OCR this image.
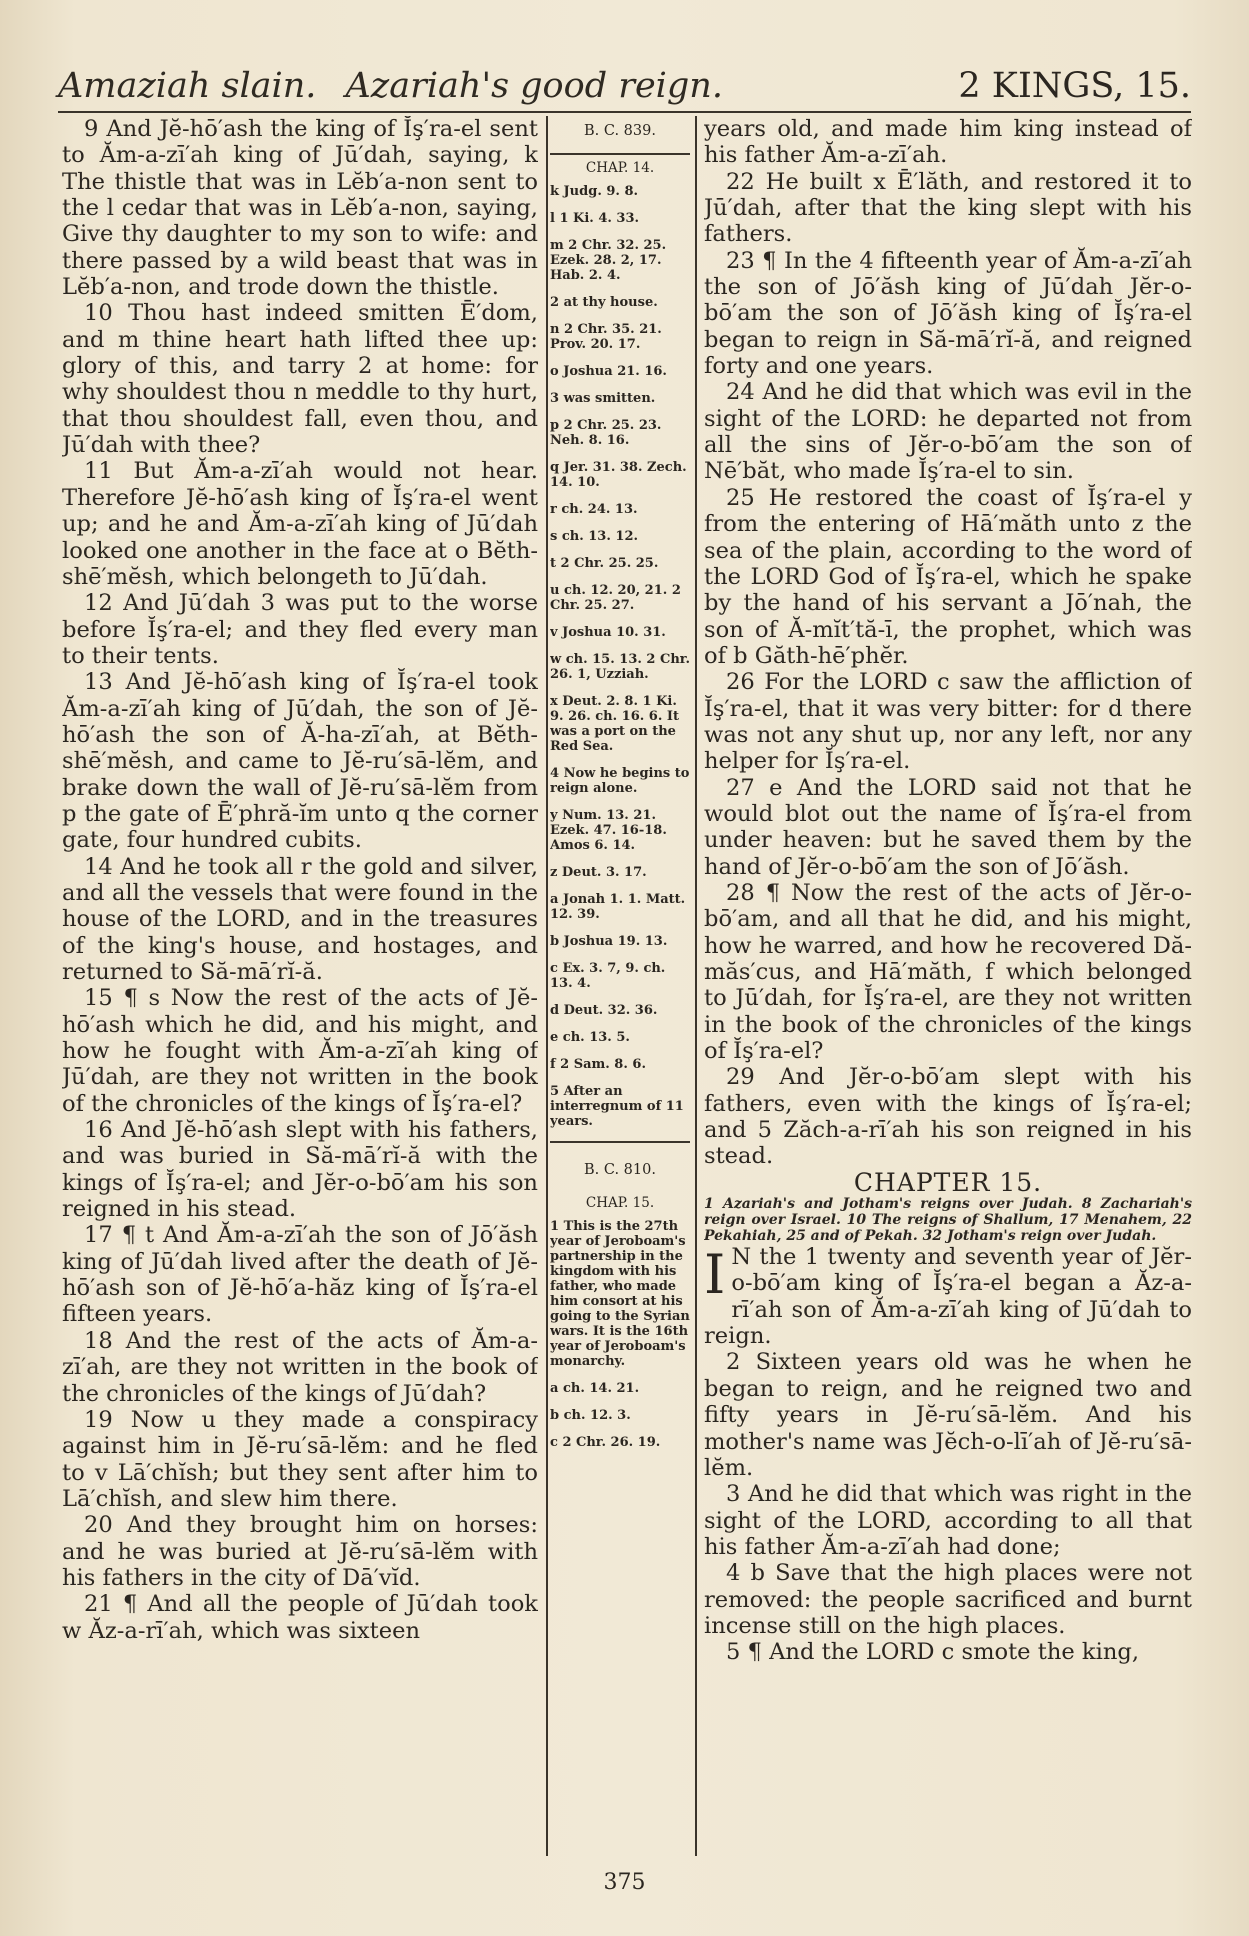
Amaziah slain. Azariah's good reign.	2 KINGS, 15.

9 And Jĕ-hō′ash the king of Ĭş′ra-el sent to Ăm-a-zī′ah king of Jū′dah, saying, k The thistle that was in Lĕb′a-non sent to the l cedar that was in Lĕb′a-non, saying, Give thy daughter to my son to wife: and there passed by a wild beast that was in Lĕb′a-non, and trode down the thistle.

10 Thou hast indeed smitten Ē′dom, and m thine heart hath lifted thee up: glory of this, and tarry 2 at home: for why shouldest thou n meddle to thy hurt, that thou shouldest fall, even thou, and Jū′dah with thee?

11 But Ăm-a-zī′ah would not hear. Therefore Jĕ-hō′ash king of Ĭş′ra-el went up; and he and Ăm-a-zī′ah king of Jū′dah looked one another in the face at o Bĕth-shē′mĕsh, which belongeth to Jū′dah.

12 And Jū′dah 3 was put to the worse before Ĭş′ra-el; and they fled every man to their tents.

13 And Jĕ-hō′ash king of Ĭş′ra-el took Ăm-a-zī′ah king of Jū′dah, the son of Jĕ-hō′ash the son of Ă-ha-zī′ah, at Bĕth-shē′mĕsh, and came to Jĕ-ru′sā-lĕm, and brake down the wall of Jĕ-ru′sā-lĕm from p the gate of Ē′phră-ĭm unto q the corner gate, four hundred cubits.

14 And he took all r the gold and silver, and all the vessels that were found in the house of the LORD, and in the treasures of the king's house, and hostages, and returned to Să-mā′rĭ-ă.

15 ¶ s Now the rest of the acts of Jĕ-hō′ash which he did, and his might, and how he fought with Ăm-a-zī′ah king of Jū′dah, are they not written in the book of the chronicles of the kings of Ĭş′ra-el?

16 And Jĕ-hō′ash slept with his fathers, and was buried in Să-mā′rĭ-ă with the kings of Ĭş′ra-el; and Jĕr-o-bō′am his son reigned in his stead.

17 ¶ t And Ăm-a-zī′ah the son of Jō′ăsh king of Jū′dah lived after the death of Jĕ-hō′ash son of Jĕ-hō′a-hăz king of Ĭş′ra-el fifteen years.

18 And the rest of the acts of Ăm-a-zī′ah, are they not written in the book of the chronicles of the kings of Jū′dah?

19 Now u they made a conspiracy against him in Jĕ-ru′sā-lĕm: and he fled to v Lā′chĭsh; but they sent after him to Lā′chĭsh, and slew him there.

20 And they brought him on horses: and he was buried at Jĕ-ru′sā-lĕm with his fathers in the city of Dā′vĭd.

21 ¶ And all the people of Jū′dah took w Ăz-a-rī′ah, which was sixteen

B. C. 839.
CHAP. 14.
k Judg. 9. 8.
l 1 Ki. 4. 33.
m 2 Chr. 32. 25. Ezek. 28. 2, 17. Hab. 2. 4.
2 at thy house.
n 2 Chr. 35. 21. Prov. 20. 17.
o Joshua 21. 16.
3 was smitten.
p 2 Chr. 25. 23. Neh. 8. 16.
q Jer. 31. 38. Zech. 14. 10.
r ch. 24. 13.
s ch. 13. 12.
t 2 Chr. 25. 25.
u ch. 12. 20, 21. 2 Chr. 25. 27.
v Joshua 10. 31.
w ch. 15. 13. 2 Chr. 26. 1, Uzziah.
x Deut. 2. 8. 1 Ki. 9. 26. ch. 16. 6. It was a port on the Red Sea.
4 Now he begins to reign alone.
y Num. 13. 21. Ezek. 47. 16-18. Amos 6. 14.
z Deut. 3. 17.
a Jonah 1. 1. Matt. 12. 39.
b Joshua 19. 13.
c Ex. 3. 7, 9. ch. 13. 4.
d Deut. 32. 36.
e ch. 13. 5.
f 2 Sam. 8. 6.
5 After an interregnum of 11 years.
B. C. 810.
CHAP. 15.
1 This is the 27th year of Jeroboam's partnership in the kingdom with his father, who made him consort at his going to the Syrian wars. It is the 16th year of Jeroboam's monarchy.
a ch. 14. 21.
b ch. 12. 3.
c 2 Chr. 26. 19.

years old, and made him king instead of his father Ăm-a-zī′ah.

22 He built x Ē′lăth, and restored it to Jū′dah, after that the king slept with his fathers.

23 ¶ In the 4 fifteenth year of Ăm-a-zī′ah the son of Jō′ăsh king of Jū′dah Jĕr-o-bō′am the son of Jō′ăsh king of Ĭş′ra-el began to reign in Să-mā′rĭ-ă, and reigned forty and one years.

24 And he did that which was evil in the sight of the LORD: he departed not from all the sins of Jĕr-o-bō′am the son of Nē′băt, who made Ĭş′ra-el to sin.

25 He restored the coast of Ĭş′ra-el y from the entering of Hā′măth unto z the sea of the plain, according to the word of the LORD God of Ĭş′ra-el, which he spake by the hand of his servant a Jō′nah, the son of Ă-mĭt′tă-ī, the prophet, which was of b Găth-hē′phĕr.

26 For the LORD c saw the affliction of Ĭş′ra-el, that it was very bitter: for d there was not any shut up, nor any left, nor any helper for Ĭş′ra-el.

27 e And the LORD said not that he would blot out the name of Ĭş′ra-el from under heaven: but he saved them by the hand of Jĕr-o-bō′am the son of Jō′ăsh.

28 ¶ Now the rest of the acts of Jĕr-o-bō′am, and all that he did, and his might, how he warred, and how he recovered Dă-măs′cus, and Hā′măth, f which belonged to Jū′dah, for Ĭş′ra-el, are they not written in the book of the chronicles of the kings of Ĭş′ra-el?

29 And Jĕr-o-bō′am slept with his fathers, even with the kings of Ĭş′ra-el; and 5 Zăch-a-rī′ah his son reigned in his stead.

CHAPTER 15.

1 Azariah's and Jotham's reigns over Judah. 8 Zachariah's reign over Israel. 10 The reigns of Shallum, 17 Menahem, 22 Pekahiah, 25 and of Pekah. 32 Jotham's reign over Judah.

I N the 1 twenty and seventh year of Jĕr-o-bō′am king of Ĭş′ra-el began a Ăz-a-rī′ah son of Ăm-a-zī′ah king of Jū′dah to reign.

2 Sixteen years old was he when he began to reign, and he reigned two and fifty years in Jĕ-ru′sā-lĕm. And his mother's name was Jĕch-o-lī′ah of Jĕ-ru′sā-lĕm.

3 And he did that which was right in the sight of the LORD, according to all that his father Ăm-a-zī′ah had done;

4 b Save that the high places were not removed: the people sacrificed and burnt incense still on the high places.

5 ¶ And the LORD c smote the king,

375
